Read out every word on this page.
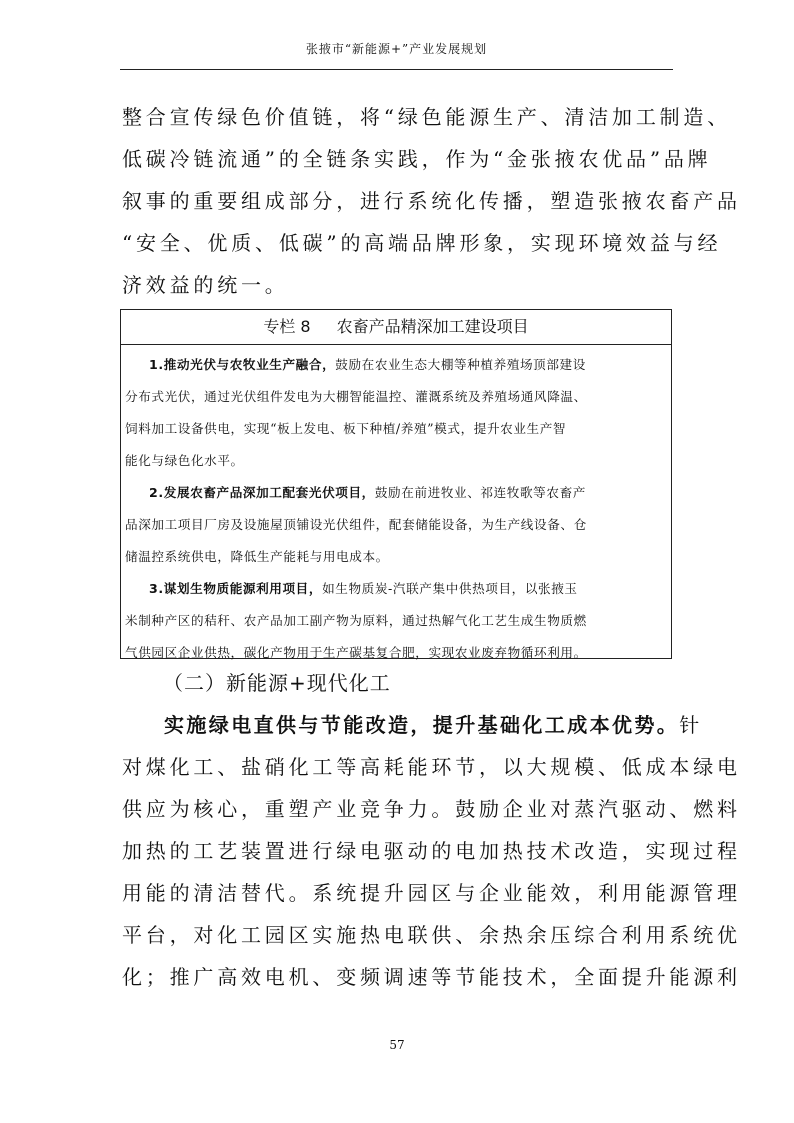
张掖市“新能源+”产业发展规划
整合宣传绿色价值链，将“绿色能源生产、清洁加工制造、
低碳冷链流通”的全链条实践，作为“金张掖农优品”品牌
叙事的重要组成部分，进行系统化传播，塑造张掖农畜产品
“安全、优质、低碳”的高端品牌形象，实现环境效益与经
济效益的统一。
专栏 8 农畜产品精深加工建设项目
1.推动光伏与农牧业生产融合，鼓励在农业生态大棚等种植养殖场顶部建设
分布式光伏，通过光伏组件发电为大棚智能温控、灌溉系统及养殖场通风降温、
饲料加工设备供电，实现“板上发电、板下种植/养殖”模式，提升农业生产智
能化与绿色化水平。
2.发展农畜产品深加工配套光伏项目，鼓励在前进牧业、祁连牧歌等农畜产
品深加工项目厂房及设施屋顶铺设光伏组件，配套储能设备，为生产线设备、仓
储温控系统供电，降低生产能耗与用电成本。
3.谋划生物质能源利用项目，如生物质炭-汽联产集中供热项目，以张掖玉
米制种产区的秸秆、农产品加工副产物为原料，通过热解气化工艺生成生物质燃
气供园区企业供热，碳化产物用于生产碳基复合肥，实现农业废弃物循环利用。
（二）新能源+现代化工
实施绿电直供与节能改造，提升基础化工成本优势。针
对煤化工、盐硝化工等高耗能环节，以大规模、低成本绿电
供应为核心，重塑产业竞争力。鼓励企业对蒸汽驱动、燃料
加热的工艺装置进行绿电驱动的电加热技术改造，实现过程
用能的清洁替代。系统提升园区与企业能效，利用能源管理
平台，对化工园区实施热电联供、余热余压综合利用系统优
化；推广高效电机、变频调速等节能技术，全面提升能源利
57
